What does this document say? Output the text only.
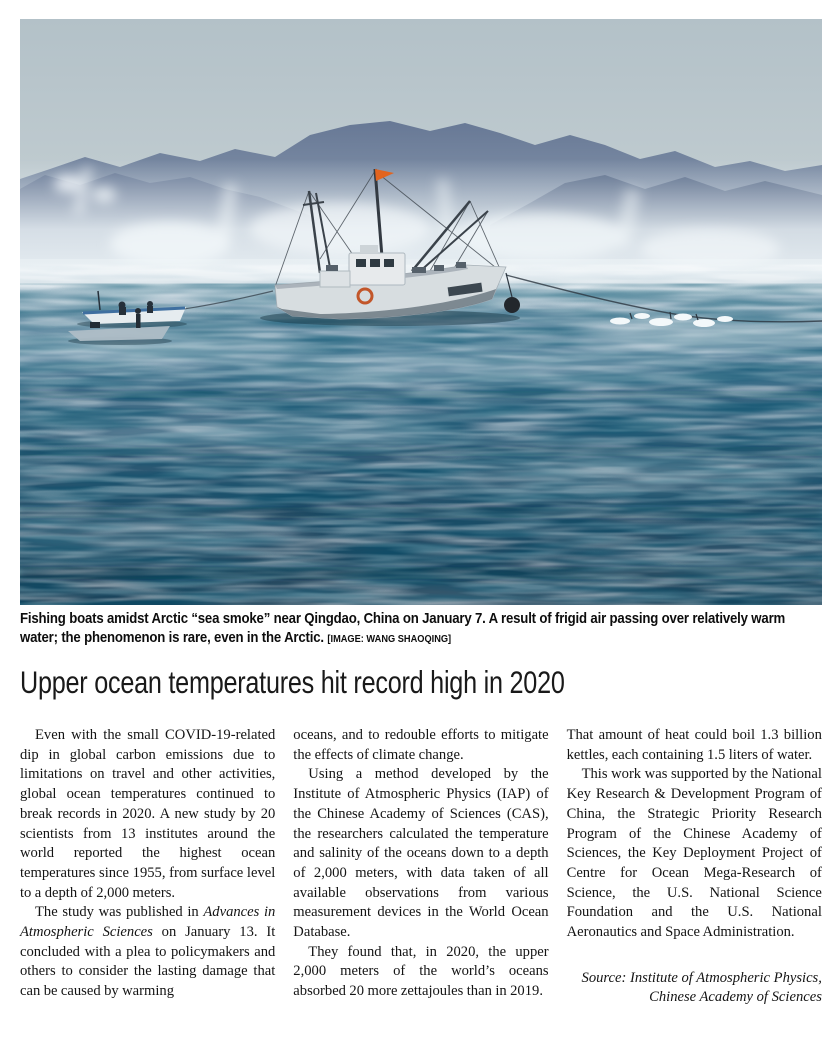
Fishing boats amidst Arctic “sea smoke” near Qingdao, China on January 7. A result of frigid air passing over relatively warm water; the phenomenon is rare, even in the Arctic. [IMAGE: WANG SHAOQING]

Upper ocean temperatures hit record high in 2020

Even with the small COVID-19-related dip in global carbon emissions due to limitations on travel and other activities, global ocean temperatures continued to break records in 2020. A new study by 20 scientists from 13 institutes around the world reported the highest ocean temperatures since 1955, from surface level to a depth of 2,000 meters.

The study was published in Advances in Atmospheric Sciences on January 13. It concluded with a plea to policymakers and others to consider the lasting damage that can be caused by warming

oceans, and to redouble efforts to mitigate the effects of climate change.

Using a method developed by the Institute of Atmospheric Physics (IAP) of the Chinese Academy of Sciences (CAS), the researchers calculated the temperature and salinity of the oceans down to a depth of 2,000 meters, with data taken of all available observations from various measurement devices in the World Ocean Database.

They found that, in 2020, the upper 2,000 meters of the world’s oceans absorbed 20 more zettajoules than in 2019.

That amount of heat could boil 1.3 billion kettles, each containing 1.5 liters of water.

This work was supported by the National Key Research & Development Program of China, the Strategic Priority Research Program of the Chinese Academy of Sciences, the Key Deployment Project of Centre for Ocean Mega-Research of Science, the U.S. National Science Foundation and the U.S. National Aeronautics and Space Administration.

Source: Institute of Atmospheric Physics,
Chinese Academy of Sciences
